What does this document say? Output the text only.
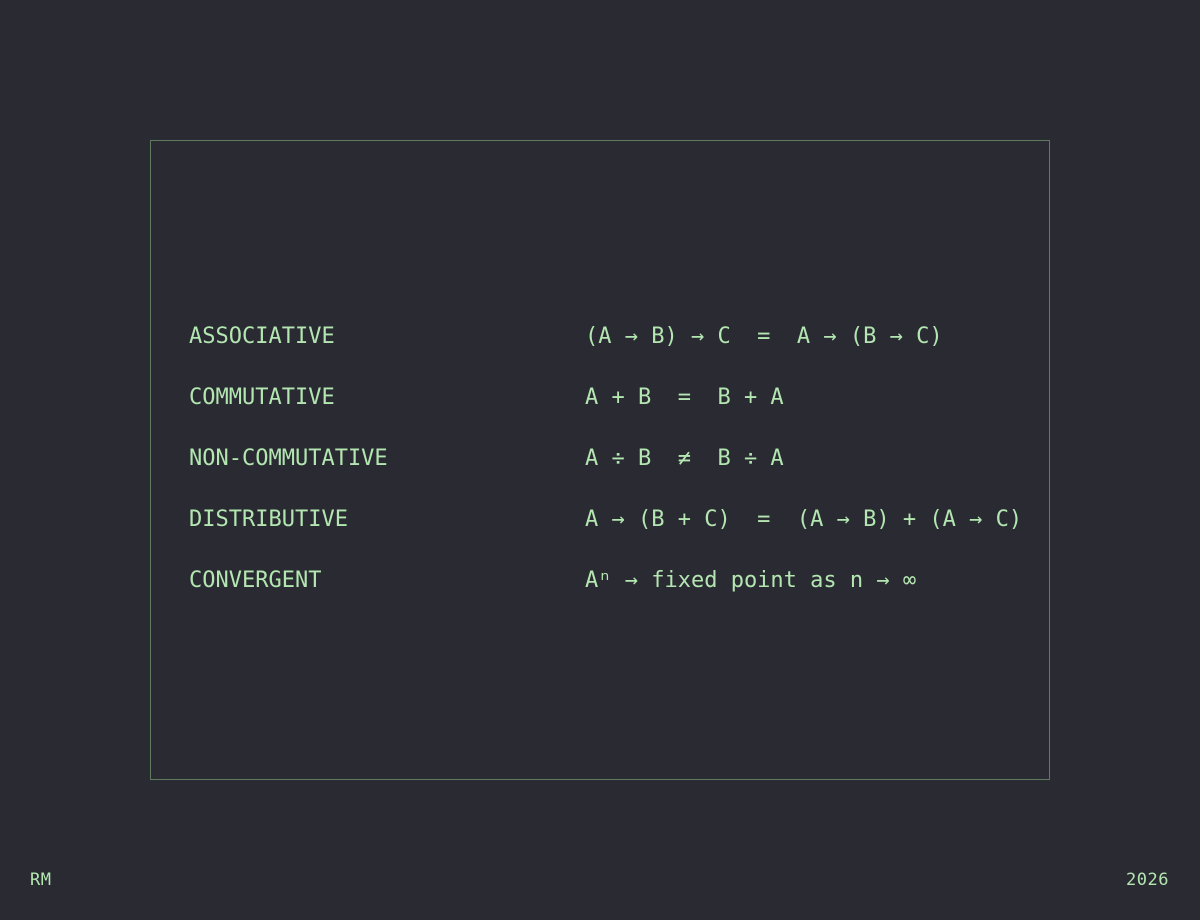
ASSOCIATIVE	(A → B) → C  =  A → (B → C)
COMMUTATIVE	A + B  =  B + A
NON-COMMUTATIVE	A ÷ B  ≠  B ÷ A
DISTRIBUTIVE	A → (B + C)  =  (A → B) + (A → C)
CONVERGENT	Aⁿ → fixed point as n → ∞
RM	2026
